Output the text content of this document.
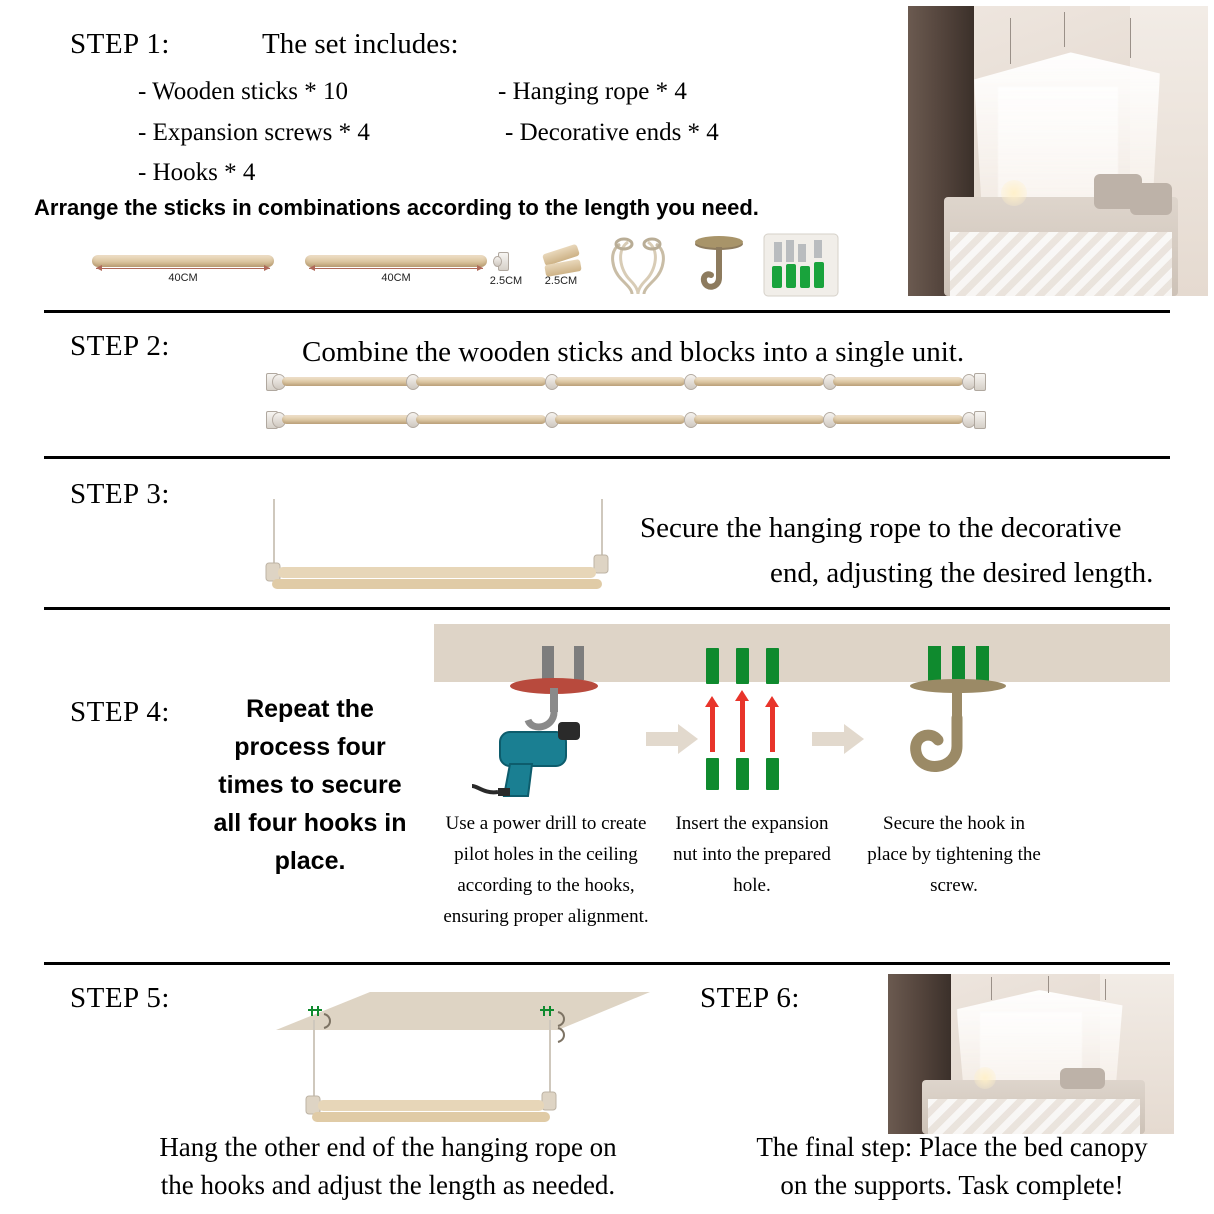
STEP 1:	The set includes:
- Wooden sticks * 10
- Expansion screws * 4
- Hooks * 4
- Hanging rope * 4
- Decorative ends * 4
Arrange the sticks in combinations according to the length you need.
40CM	40CM	2.5CM	2.5CM
STEP 2:	Combine the wooden sticks and blocks into a single unit.
STEP 3:
Secure the hanging rope to the decorative
end, adjusting the desired length.
STEP 4:	Repeat the process four times to secure all four hooks in place.
Use a power drill to create pilot holes in the ceiling according to the hooks, ensuring proper alignment.
Insert the expansion nut into the prepared hole.
Secure the hook in place by tightening the screw.
STEP 5:
Hang the other end of the hanging rope on
the hooks and adjust the length as needed.
STEP 6:
The final step: Place the bed canopy
on the supports. Task complete!
